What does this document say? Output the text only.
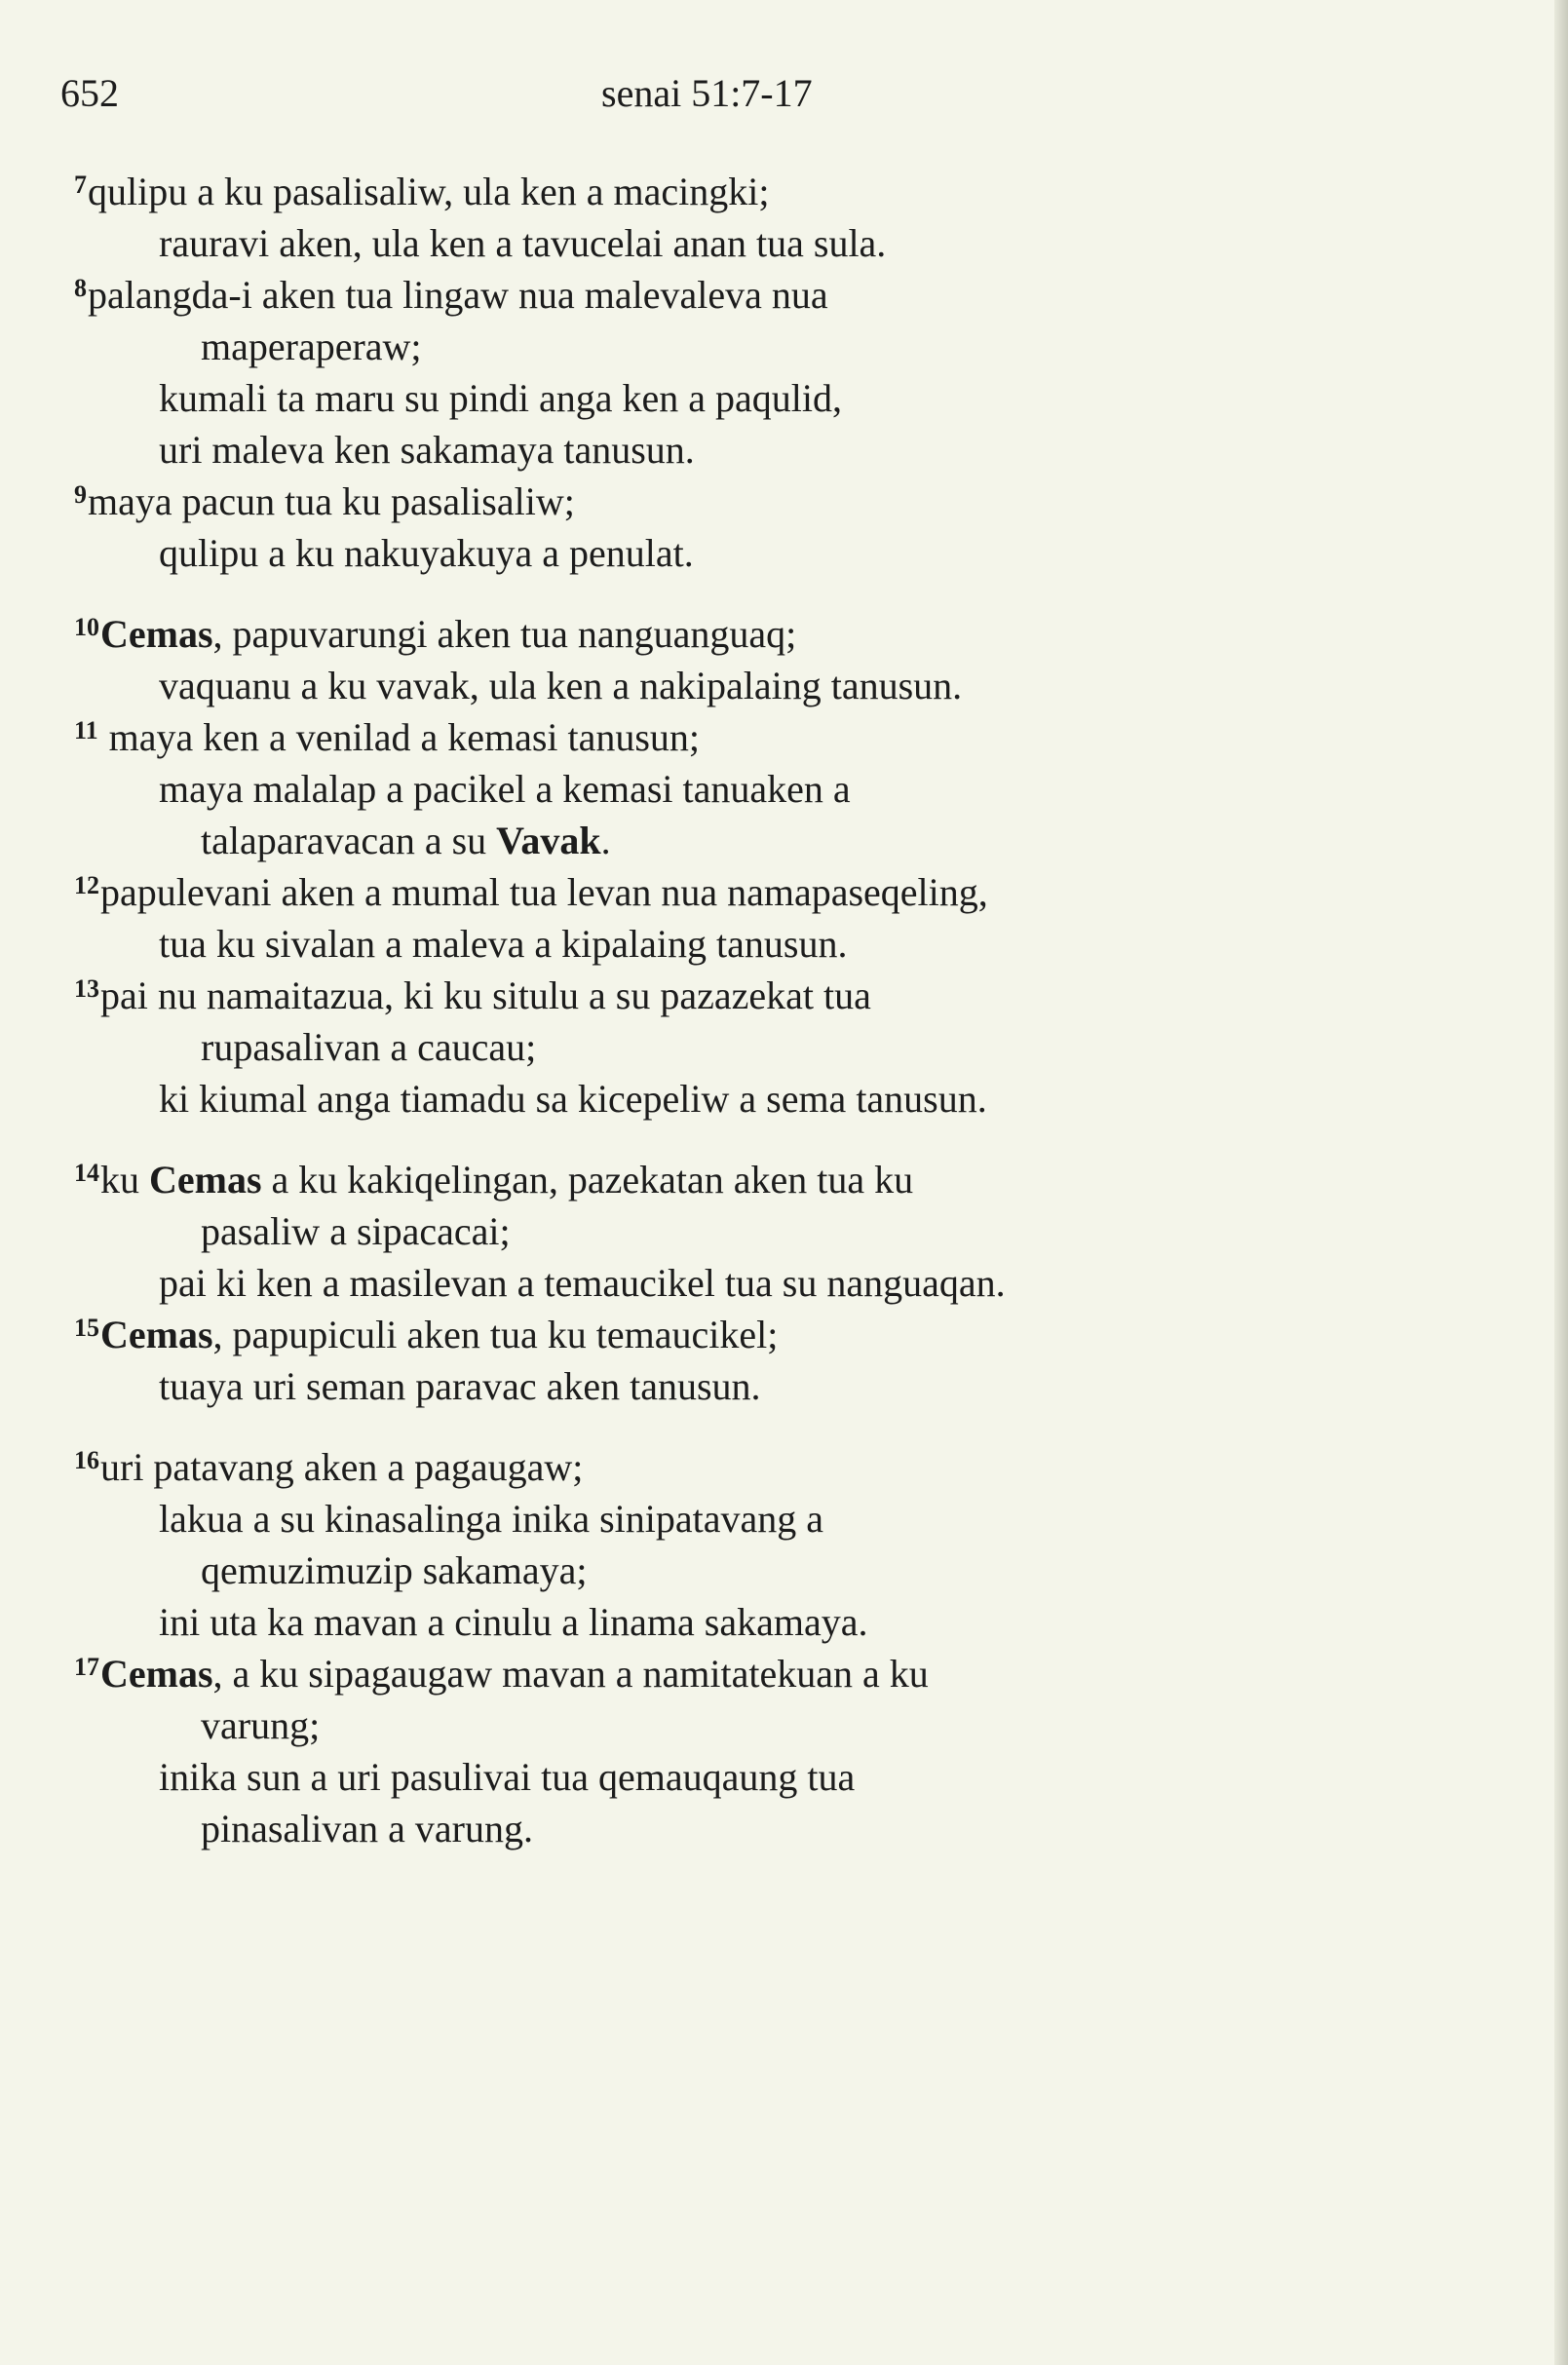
652	senai 51:7-17
$^7$qulipu a ku pasalisaliw, ula ken a macingki;
rauravi aken, ula ken a tavucelai anan tua sula.
$^8$palangda-i aken tua lingaw nua malevaleva nua
maperaperaw;
kumali ta maru su pindi anga ken a paqulid,
uri maleva ken sakamaya tanusun.
$^9$maya pacun tua ku pasalisaliw;
qulipu a ku nakuyakuya a penulat.
$^{10}$Cemas, papuvarungi aken tua nanguanguaq;
vaquanu a ku vavak, ula ken a nakipalaing tanusun.
$^{11}$ maya ken a venilad a kemasi tanusun;
maya malalap a pacikel a kemasi tanuaken a
talaparavacan a su Vavak.
$^{12}$papulevani aken a mumal tua levan nua namapaseqeling,
tua ku sivalan a maleva a kipalaing tanusun.
$^{13}$pai nu namaitazua, ki ku situlu a su pazazekat tua
rupasalivan a caucau;
ki kiumal anga tiamadu sa kicepeliw a sema tanusun.
$^{14}$ku Cemas a ku kakiqelingan, pazekatan aken tua ku
pasaliw a sipacacai;
pai ki ken a masilevan a temaucikel tua su nanguaqan.
$^{15}$Cemas, papupiculi aken tua ku temaucikel;
tuaya uri seman paravac aken tanusun.
$^{16}$uri patavang aken a pagaugaw;
lakua a su kinasalinga inika sinipatavang a
qemuzimuzip sakamaya;
ini uta ka mavan a cinulu a linama sakamaya.
$^{17}$Cemas, a ku sipagaugaw mavan a namitatekuan a ku
varung;
inika sun a uri pasulivai tua qemauqaung tua
pinasalivan a varung.
